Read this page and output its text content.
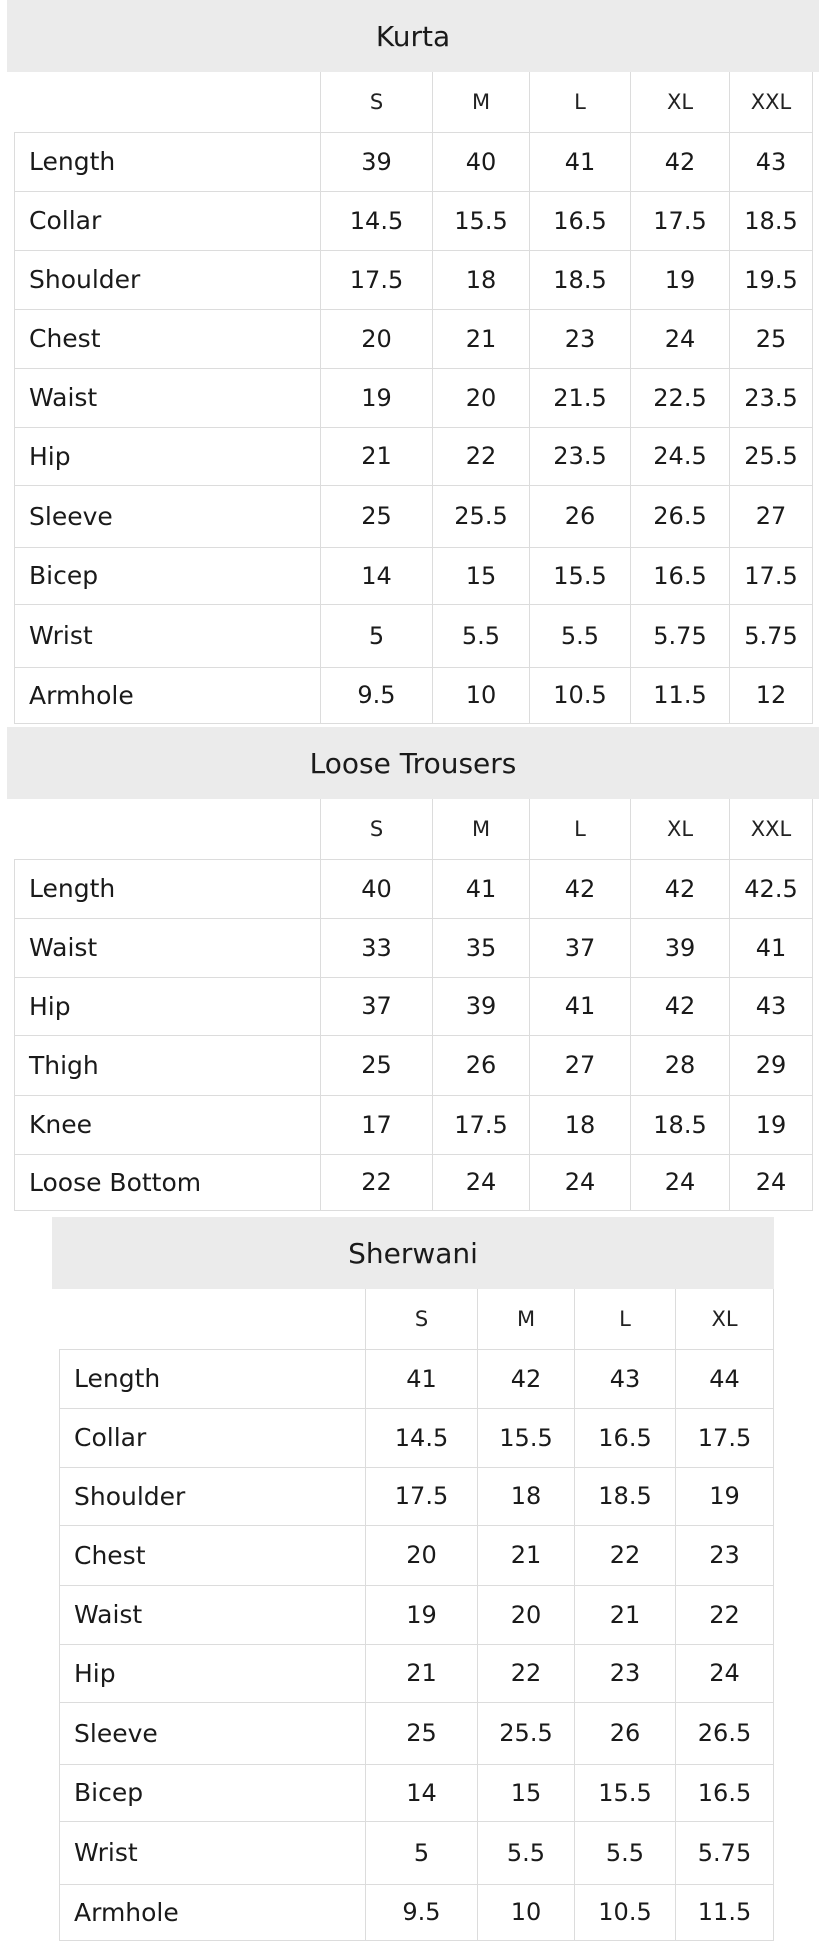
Kurta
	S	M	L	XL	XXL
Length	39	40	41	42	43
Collar	14.5	15.5	16.5	17.5	18.5
Shoulder	17.5	18	18.5	19	19.5
Chest	20	21	23	24	25
Waist	19	20	21.5	22.5	23.5
Hip	21	22	23.5	24.5	25.5
Sleeve	25	25.5	26	26.5	27
Bicep	14	15	15.5	16.5	17.5
Wrist	5	5.5	5.5	5.75	5.75
Armhole	9.5	10	10.5	11.5	12
Loose Trousers
	S	M	L	XL	XXL
Length	40	41	42	42	42.5
Waist	33	35	37	39	41
Hip	37	39	41	42	43
Thigh	25	26	27	28	29
Knee	17	17.5	18	18.5	19
Loose Bottom	22	24	24	24	24
Sherwani
	S	M	L	XL
Length	41	42	43	44
Collar	14.5	15.5	16.5	17.5
Shoulder	17.5	18	18.5	19
Chest	20	21	22	23
Waist	19	20	21	22
Hip	21	22	23	24
Sleeve	25	25.5	26	26.5
Bicep	14	15	15.5	16.5
Wrist	5	5.5	5.5	5.75
Armhole	9.5	10	10.5	11.5
